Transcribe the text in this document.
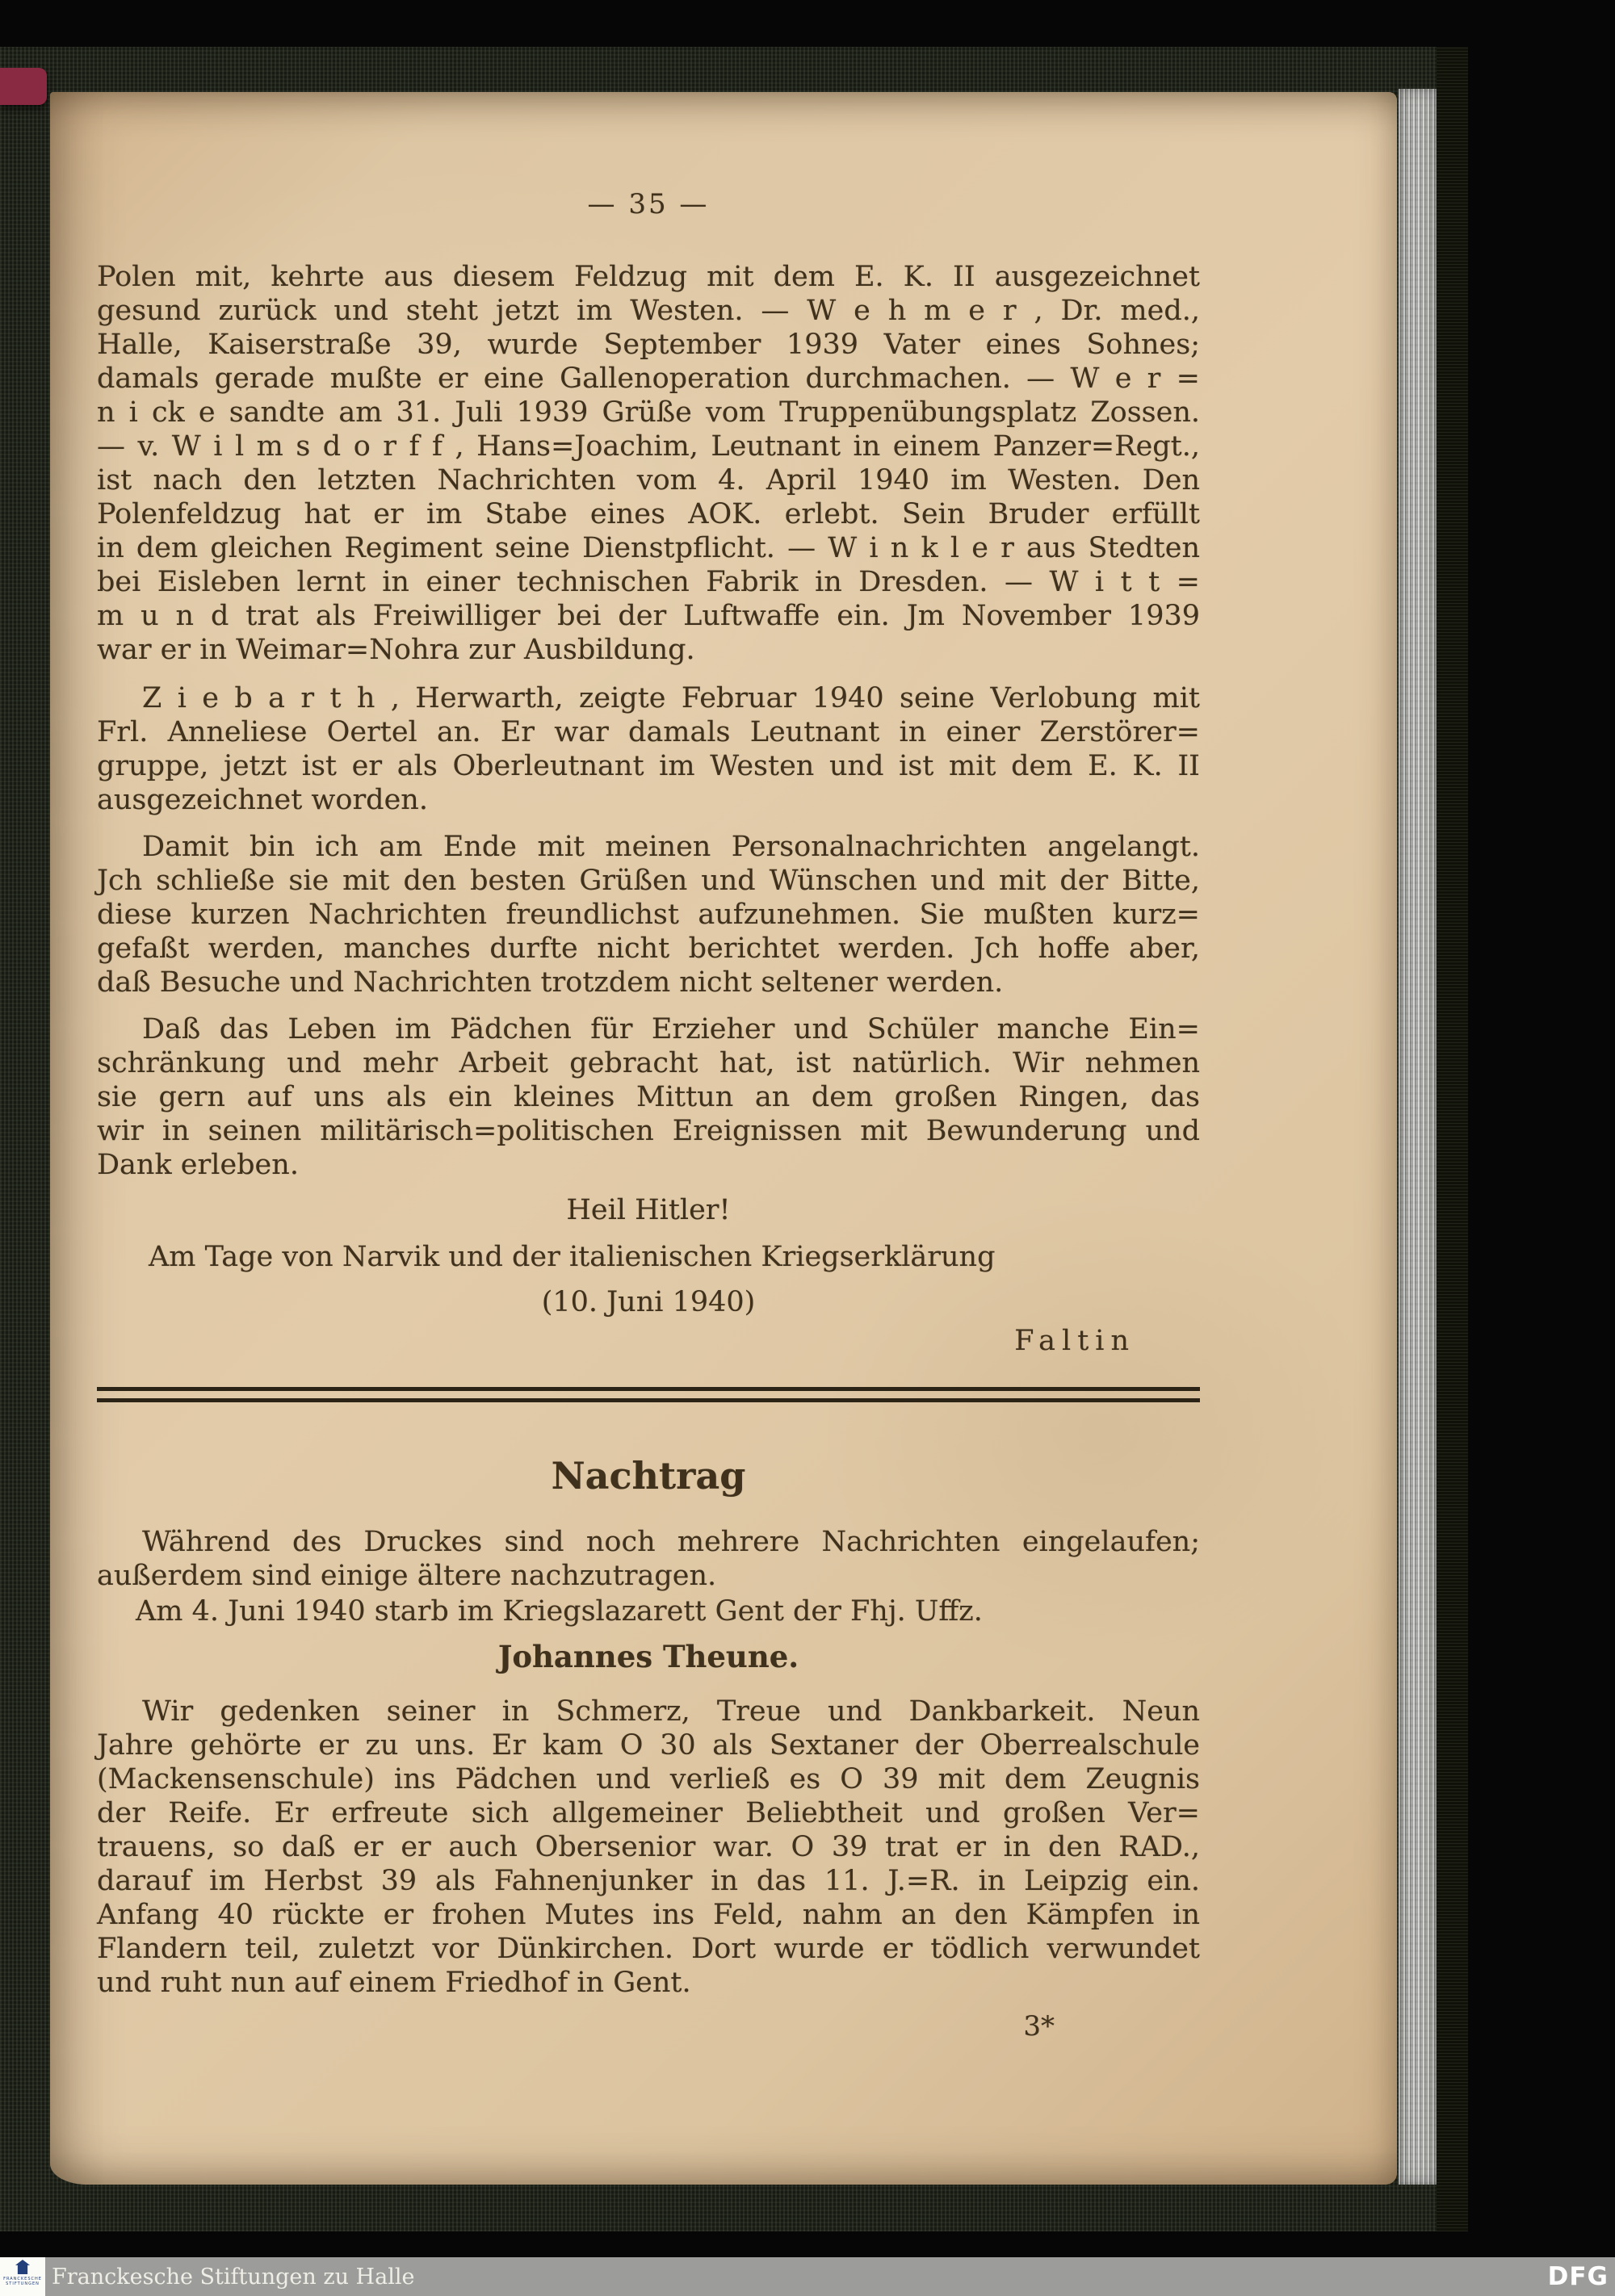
— 35 —
Polen mit, kehrte aus diesem Feldzug mit dem E. K. II ausgezeichnet
gesund zurück und steht jetzt im Westen. — W e h m e r , Dr. med.,
Halle, Kaiserstraße 39, wurde September 1939 Vater eines Sohnes;
damals gerade mußte er eine Gallenoperation durchmachen. — W e r =
n i ck e sandte am 31. Juli 1939 Grüße vom Truppenübungsplatz Zossen.
— v. W i l m s d o r f f , Hans=Joachim, Leutnant in einem Panzer=Regt.,
ist nach den letzten Nachrichten vom 4. April 1940 im Westen. Den
Polenfeldzug hat er im Stabe eines AOK. erlebt. Sein Bruder erfüllt
in dem gleichen Regiment seine Dienstpflicht. — W i n k l e r aus Stedten
bei Eisleben lernt in einer technischen Fabrik in Dresden. — W i t t =
m u n d trat als Freiwilliger bei der Luftwaffe ein. Jm November 1939
war er in Weimar=Nohra zur Ausbildung.
Z i e b a r t h , Herwarth, zeigte Februar 1940 seine Verlobung mit
Frl. Anneliese Oertel an. Er war damals Leutnant in einer Zerstörer=
gruppe, jetzt ist er als Oberleutnant im Westen und ist mit dem E. K. II
ausgezeichnet worden.
Damit bin ich am Ende mit meinen Personalnachrichten angelangt.
Jch schließe sie mit den besten Grüßen und Wünschen und mit der Bitte,
diese kurzen Nachrichten freundlichst aufzunehmen. Sie mußten kurz=
gefaßt werden, manches durfte nicht berichtet werden. Jch hoffe aber,
daß Besuche und Nachrichten trotzdem nicht seltener werden.
Daß das Leben im Pädchen für Erzieher und Schüler manche Ein=
schränkung und mehr Arbeit gebracht hat, ist natürlich. Wir nehmen
sie gern auf uns als ein kleines Mittun an dem großen Ringen, das
wir in seinen militärisch=politischen Ereignissen mit Bewunderung und
Dank erleben.
Heil Hitler!
Am Tage von Narvik und der italienischen Kriegserklärung
(10. Juni 1940)
Faltin
Nachtrag
Während des Druckes sind noch mehrere Nachrichten eingelaufen;
außerdem sind einige ältere nachzutragen.
Am 4. Juni 1940 starb im Kriegslazarett Gent der Fhj. Uffz.
Johannes Theune.
Wir gedenken seiner in Schmerz, Treue und Dankbarkeit. Neun
Jahre gehörte er zu uns. Er kam O 30 als Sextaner der Oberrealschule
(Mackensenschule) ins Pädchen und verließ es O 39 mit dem Zeugnis
der Reife. Er erfreute sich allgemeiner Beliebtheit und großen Ver=
trauens, so daß er er auch Obersenior war. O 39 trat er in den RAD.,
darauf im Herbst 39 als Fahnenjunker in das 11. J.=R. in Leipzig ein.
Anfang 40 rückte er frohen Mutes ins Feld, nahm an den Kämpfen in
Flandern teil, zuletzt vor Dünkirchen. Dort wurde er tödlich verwundet
und ruht nun auf einem Friedhof in Gent.
3*
FRANCKESCHE
STIFTUNGEN Franckesche Stiftungen zu Halle	DFG
